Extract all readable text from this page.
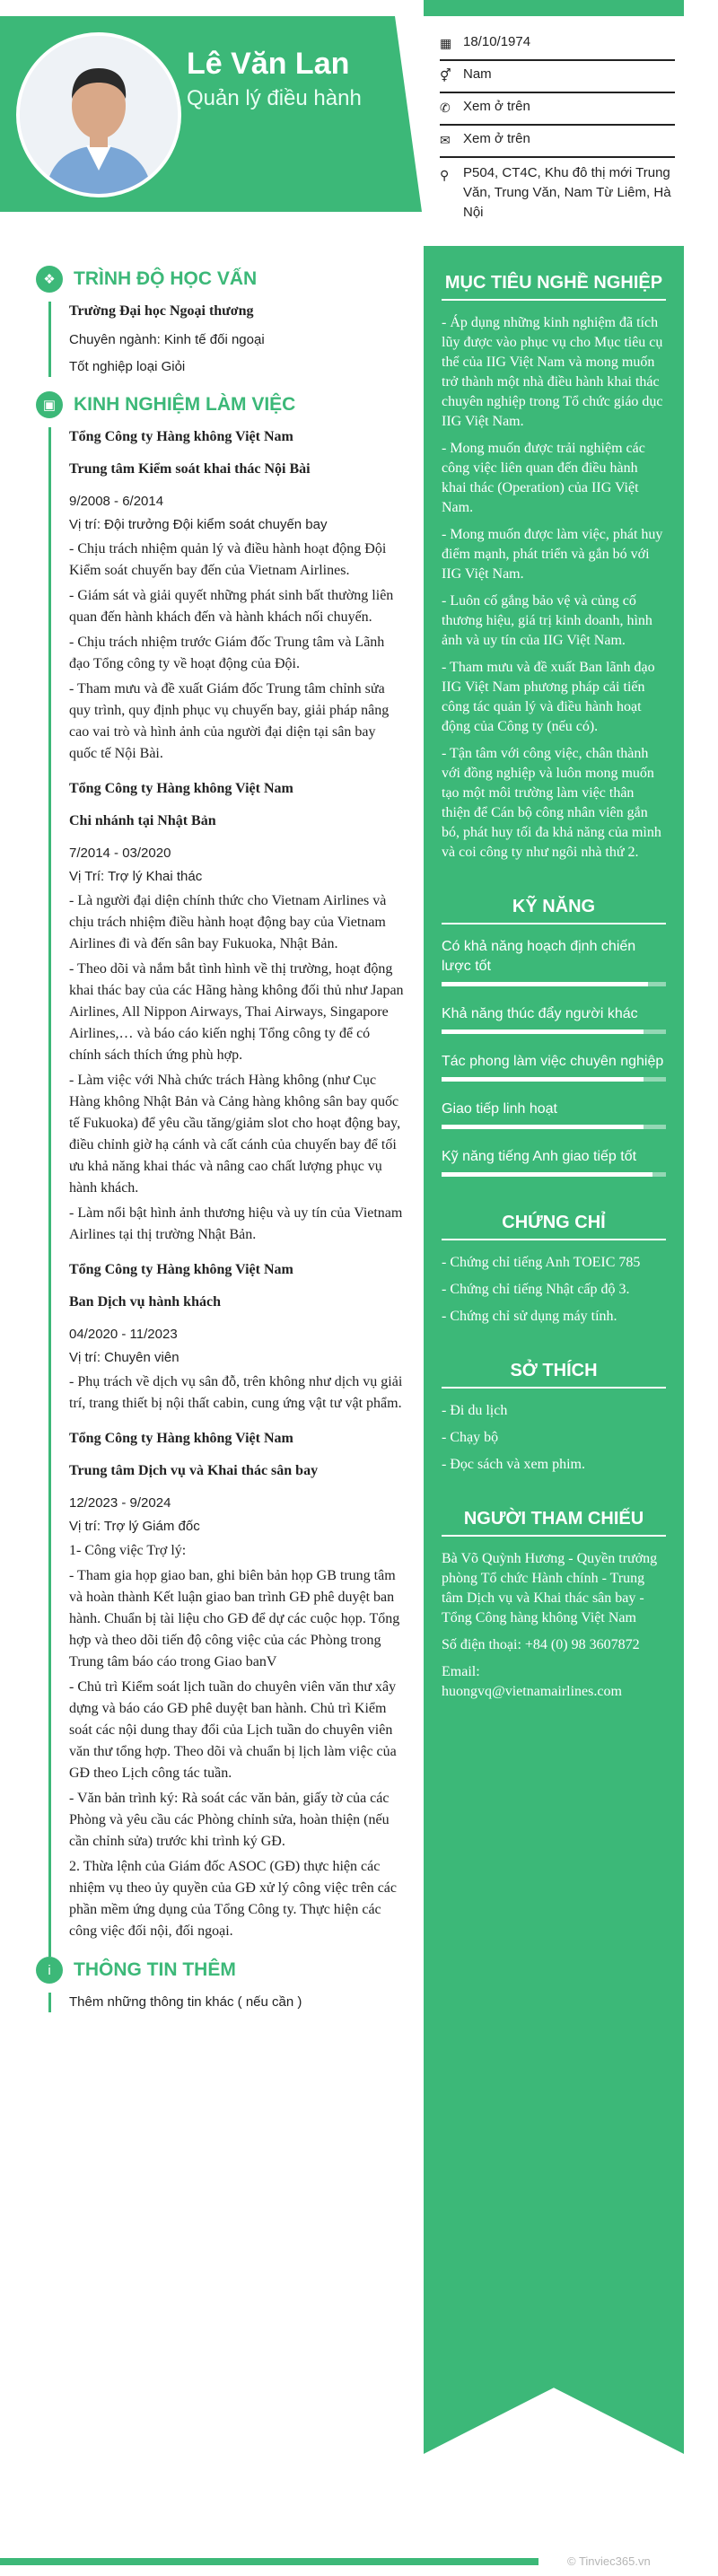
Lê Văn Lan
Quản lý điều hành
▦ 18/10/1974
⚥ Nam
✆ Xem ở trên
✉ Xem ở trên
⚲	P504, CT4C, Khu đô thị mới Trung Văn, Trung Văn, Nam Từ Liêm, Hà Nội
❖ TRÌNH ĐỘ HỌC VẤN
Trường Đại học Ngoại thương
Chuyên ngành: Kinh tế đối ngoại
Tốt nghiệp loại Giỏi
▣ KINH NGHIỆM LÀM VIỆC
Tổng Công ty Hàng không Việt Nam
Trung tâm Kiểm soát khai thác Nội Bài
9/2008 - 6/2014
Vị trí: Đội trưởng Đội kiểm soát chuyến bay
- Chịu trách nhiệm quản lý và điều hành hoạt động Đội Kiểm soát chuyến bay đến của Vietnam Airlines.
- Giám sát và giải quyết những phát sinh bất thường liên quan đến hành khách đến và hành khách nối chuyến.
- Chịu trách nhiệm trước Giám đốc Trung tâm và Lãnh đạo Tổng công ty về hoạt động của Đội.
- Tham mưu và đề xuất Giám đốc Trung tâm chỉnh sửa quy trình, quy định phục vụ chuyến bay, giải pháp nâng cao vai trò và hình ảnh của người đại diện tại sân bay quốc tế Nội Bài.
Tổng Công ty Hàng không Việt Nam
Chi nhánh tại Nhật Bản
7/2014 - 03/2020
Vị Trí: Trợ lý Khai thác
- Là người đại diện chính thức cho Vietnam Airlines và chịu trách nhiệm điều hành hoạt động bay của Vietnam Airlines đi và đến sân bay Fukuoka, Nhật Bản.
- Theo dõi và nắm bắt tình hình về thị trường, hoạt động khai thác bay của các Hãng hàng không đối thủ như Japan Airlines, All Nippon Airways, Thai Airways, Singapore Airlines,… và báo cáo kiến nghị Tổng công ty để có chính sách thích ứng phù hợp.
- Làm việc với Nhà chức trách Hàng không (như Cục Hàng không Nhật Bản và Cảng hàng không sân bay quốc tế Fukuoka) để yêu cầu tăng/giảm slot cho hoạt động bay, điều chỉnh giờ hạ cánh và cất cánh của chuyến bay để tối ưu khả năng khai thác và nâng cao chất lượng phục vụ hành khách.
- Làm nổi bật hình ảnh thương hiệu và uy tín của Vietnam Airlines tại thị trường Nhật Bản.
Tổng Công ty Hàng không Việt Nam
Ban Dịch vụ hành khách
04/2020 - 11/2023
Vị trí: Chuyên viên
- Phụ trách về dịch vụ sân đỗ, trên không như dịch vụ giải trí, trang thiết bị nội thất cabin, cung ứng vật tư vật phẩm.
Tổng Công ty Hàng không Việt Nam
Trung tâm Dịch vụ và Khai thác sân bay
12/2023 - 9/2024
Vị trí: Trợ lý Giám đốc
1- Công việc Trợ lý:
- Tham gia họp giao ban, ghi biên bản họp GB trung tâm và hoàn thành Kết luận giao ban trình GĐ phê duyệt ban hành. Chuẩn bị tài liệu cho GĐ để dự các cuộc họp. Tổng hợp và theo dõi tiến độ công việc của các Phòng trong Trung tâm báo cáo trong Giao banV
- Chủ trì Kiểm soát lịch tuần do chuyên viên văn thư xây dựng và báo cáo GĐ phê duyệt ban hành. Chủ trì Kiểm soát các nội dung thay đổi của Lịch tuần do chuyên viên văn thư tổng hợp. Theo dõi và chuẩn bị lịch làm việc của GĐ theo Lịch công tác tuần.
- Văn bản trình ký: Rà soát các văn bản, giấy tờ của các Phòng và yêu cầu các Phòng chỉnh sửa, hoàn thiện (nếu cần chỉnh sửa) trước khi trình ký GĐ.
2. Thừa lệnh của Giám đốc ASOC (GĐ) thực hiện các nhiệm vụ theo ủy quyền của GĐ xử lý công việc trên các phần mềm ứng dụng của Tổng Công ty. Thực hiện các công việc đối nội, đối ngoại.
i	THÔNG TIN THÊM
Thêm những thông tin khác ( nếu cần )
MỤC TIÊU NGHỀ NGHIỆP
- Áp dụng những kinh nghiệm đã tích lũy được vào phục vụ cho Mục tiêu cụ thể của IIG Việt Nam và mong muốn trở thành một nhà điều hành khai thác chuyên nghiệp trong Tổ chức giáo dục IIG Việt Nam.
- Mong muốn được trải nghiệm các công việc liên quan đến điều hành khai thác (Operation) của IIG Việt Nam.
- Mong muốn được làm việc, phát huy điểm mạnh, phát triển và gắn bó với IIG Việt Nam.
- Luôn cố gắng bảo vệ và củng cố thương hiệu, giá trị kinh doanh, hình ảnh và uy tín của IIG Việt Nam.
- Tham mưu và đề xuất Ban lãnh đạo IIG Việt Nam phương pháp cải tiến công tác quản lý và điều hành hoạt động của Công ty (nếu có).
- Tận tâm với công việc, chân thành với đồng nghiệp và luôn mong muốn tạo một môi trường làm việc thân thiện để Cán bộ công nhân viên gắn bó, phát huy tối đa khả năng của mình và coi công ty như ngôi nhà thứ 2.
KỸ NĂNG
Có khả năng hoạch định chiến lược tốt
Khả năng thúc đẩy người khác
Tác phong làm việc chuyên nghiệp
Giao tiếp linh hoạt
Kỹ năng tiếng Anh giao tiếp tốt
CHỨNG CHỈ
- Chứng chỉ tiếng Anh TOEIC 785
- Chứng chỉ tiếng Nhật cấp độ 3.
- Chứng chỉ sử dụng máy tính.
SỞ THÍCH
- Đi du lịch
- Chạy bộ
- Đọc sách và xem phim.
NGƯỜI THAM CHIẾU
Bà Võ Quỳnh Hương - Quyền trưởng phòng Tổ chức Hành chính - Trung tâm Dịch vụ và Khai thác sân bay - Tổng Công hàng không Việt Nam
Số điện thoại: +84 (0) 98 3607872
Email:
huongvq@vietnamairlines.com
© Tinviec365.vn
